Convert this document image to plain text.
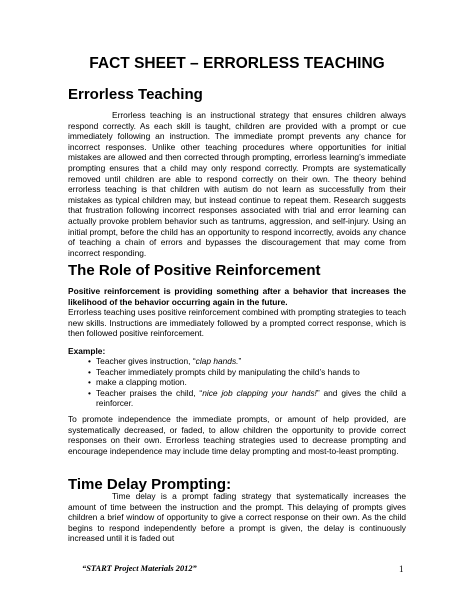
FACT SHEET – ERRORLESS TEACHING
Errorless Teaching

Errorless teaching is an instructional strategy that ensures children always respond correctly. As each skill is taught, children are provided with a prompt or cue immediately following an instruction. The immediate prompt prevents any chance for incorrect responses. Unlike other teaching procedures where opportunities for initial mistakes are allowed and then corrected through prompting, errorless learning’s immediate prompting ensures that a child may only respond correctly. Prompts are systematically removed until children are able to respond correctly on their own. The theory behind errorless teaching is that children with autism do not learn as successfully from their mistakes as typical children may, but instead continue to repeat them. Research suggests that frustration following incorrect responses associated with trial and error learning can actually provoke problem behavior such as tantrums, aggression, and self-injury. Using an initial prompt, before the child has an opportunity to respond incorrectly, avoids any chance of teaching a chain of errors and bypasses the discouragement that may come from incorrect responding.

The Role of Positive Reinforcement

Positive reinforcement is providing something after a behavior that increases the likelihood of the behavior occurring again in the future.

Errorless teaching uses positive reinforcement combined with prompting strategies to teach new skills. Instructions are immediately followed by a prompted correct response, which is then followed positive reinforcement.

Example:

• Teacher gives instruction, “clap hands.”
• Teacher immediately prompts child by manipulating the child’s hands to
• make a clapping motion.
• Teacher praises the child, “nice job clapping your hands!” and gives the child a reinforcer.

To promote independence the immediate prompts, or amount of help provided, are systematically decreased, or faded, to allow children the opportunity to provide correct responses on their own. Errorless teaching strategies used to decrease prompting and encourage independence may include time delay prompting and most-to-least prompting.

Time Delay Prompting:

Time delay is a prompt fading strategy that systematically increases the amount of time between the instruction and the prompt. This delaying of prompts gives children a brief window of opportunity to give a correct response on their own. As the child begins to respond independently before a prompt is given, the delay is continuously increased until it is faded out

“START Project Materials 2012”	1
